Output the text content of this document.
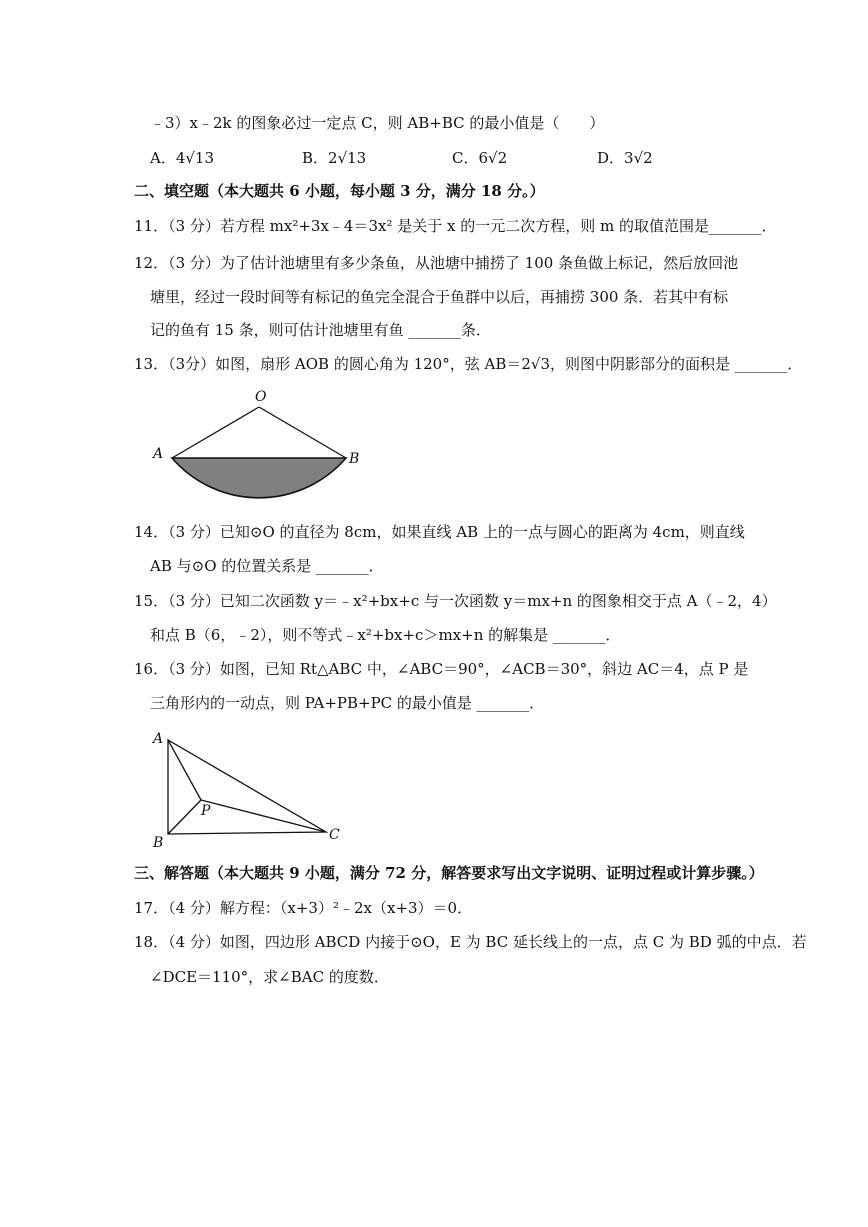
﹣3）x﹣2k 的图象必过一定点 C，则 AB+BC 的最小值是（　　）
A．4√13	B．2√13	C．6√2	D．3√2
二、填空题（本大题共 6 小题，每小题 3 分，满分 18 分。）
11．（3 分）若方程 mx²+3x﹣4＝3x² 是关于 x 的一元二次方程，则 m 的取值范围是_______．
12．（3 分）为了估计池塘里有多少条鱼，从池塘中捕捞了 100 条鱼做上标记，然后放回池
塘里，经过一段时间等有标记的鱼完全混合于鱼群中以后，再捕捞 300 条．若其中有标
记的鱼有 15 条，则可估计池塘里有鱼 _______条．
13．（3分）如图，扇形 AOB 的圆心角为 120°，弦 AB＝2√3，则图中阴影部分的面积是 _______．
O
A	B
14．（3 分）已知⊙O 的直径为 8cm，如果直线 AB 上的一点与圆心的距离为 4cm，则直线
AB 与⊙O 的位置关系是 _______．
15．（3 分）已知二次函数 y＝﹣x²+bx+c 与一次函数 y＝mx+n 的图象相交于点 A（﹣2，4）
和点 B（6，﹣2），则不等式﹣x²+bx+c＞mx+n 的解集是 _______．
16．（3 分）如图，已知 Rt△ABC 中，∠ABC＝90°，∠ACB＝30°，斜边 AC＝4，点 P 是
三角形内的一动点，则 PA+PB+PC 的最小值是 _______．
A
B	C
P
三、解答题（本大题共 9 小题，满分 72 分，解答要求写出文字说明、证明过程或计算步骤。）
17．（4 分）解方程：（x+3）²﹣2x（x+3）＝0．
18．（4 分）如图，四边形 ABCD 内接于⊙O，E 为 BC 延长线上的一点，点 C 为 BD 弧的中点．若
∠DCE＝110°，求∠BAC 的度数．
